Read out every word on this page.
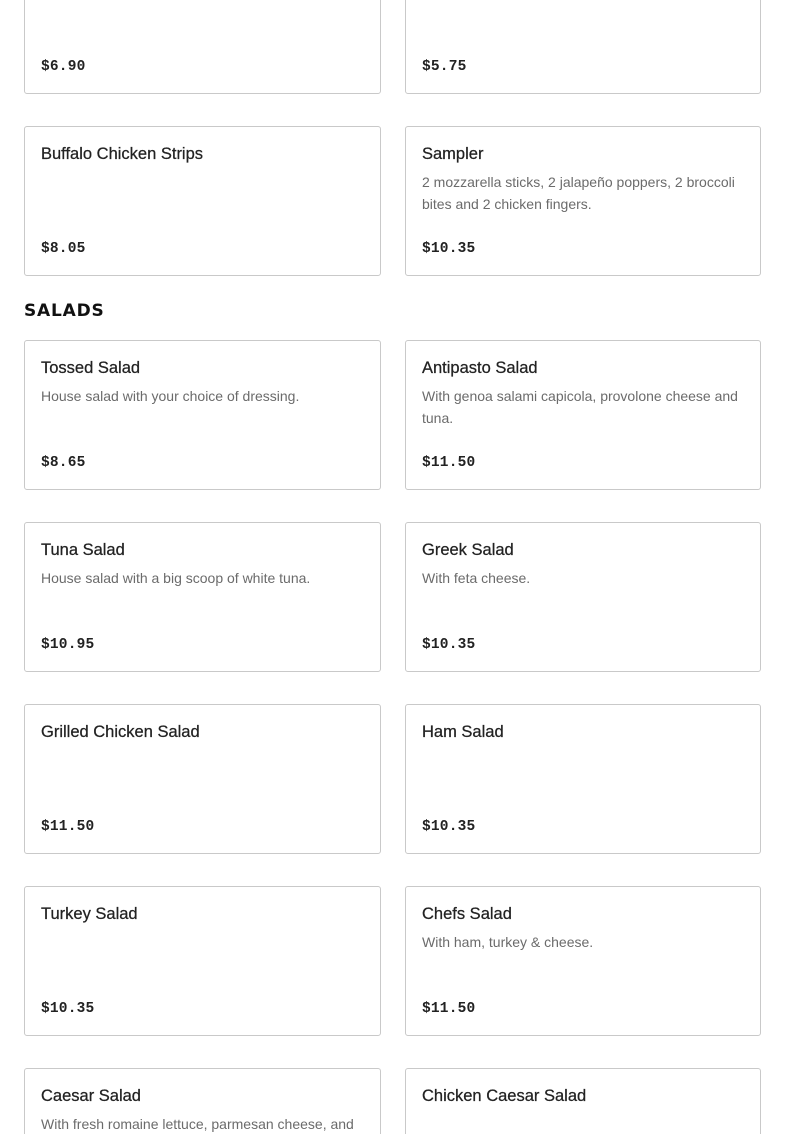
$6.90	$5.75
Buffalo Chicken Strips
$8.05
Sampler
2 mozzarella sticks, 2 jalapeño poppers, 2 broccoli bites and 2 chicken fingers.
$10.35
SALADS
Tossed Salad
House salad with your choice of dressing.
$8.65
Antipasto Salad
With genoa salami capicola, provolone cheese and tuna.
$11.50
Tuna Salad
House salad with a big scoop of white tuna.
$10.95
Greek Salad
With feta cheese.
$10.35
Grilled Chicken Salad
$11.50
Ham Salad
$10.35
Turkey Salad
$10.35
Chefs Salad
With ham, turkey & cheese.
$11.50
Caesar Salad
With fresh romaine lettuce, parmesan cheese, and
Chicken Caesar Salad
